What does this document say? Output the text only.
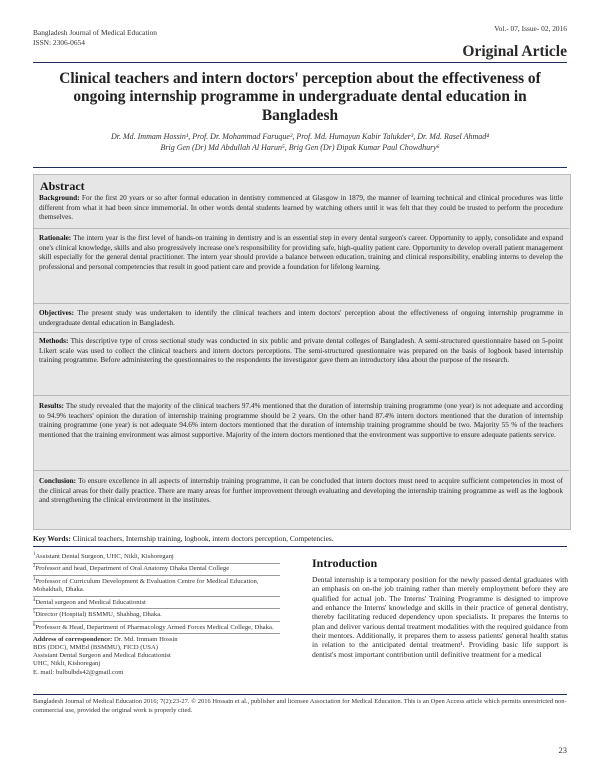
Bangladesh Journal of Medical Education
ISSN: 2306-0654
Vol.- 07, Issue- 02, 2016
Original Article
Clinical teachers and intern doctors' perception about the effectiveness of ongoing internship programme in undergraduate dental education in Bangladesh
Dr. Md. Immam Hossin¹, Prof. Dr. Mohammad Faruque², Prof. Md. Humayun Kabir Talukder³, Dr. Md. Rasel Ahmad⁴
Brig Gen (Dr) Md Abdullah Al Harun⁵, Brig Gen (Dr) Dipak Kumar Paul Chowdhury⁶
Abstract
Background: For the first 20 years or so after formal education in dentistry commenced at Glasgow in 1879, the manner of learning technical and clinical procedures was little different from what it had been since immemorial. In other words dental students learned by watching others until it was felt that they could be trusted to perform the procedure themselves.
Rationale: The intern year is the first level of hands-on training in dentistry and is an essential step in every dental surgeon's career. Opportunity to apply, consolidate and expand one's clinical knowledge, skills and also progressively increase one's responsibility for providing safe, high-quality patient care. Opportunity to develop overall patient management skill especially for the general dental practitioner. The intern year should provide a balance between education, training and clinical responsibility, enabling interns to develop the professional and personal competencies that result in good patient care and provide a foundation for lifelong learning.
Objectives: The present study was undertaken to identify the clinical teachers and intern doctors' perception about the effectiveness of ongoing internship programme in undergraduate dental education in Bangladesh.
Methods: This descriptive type of cross sectional study was conducted in six public and private dental colleges of Bangladesh. A semi-structured questionnaire based on 5-point Likert scale was used to collect the clinical teachers and intern doctors perceptions. The semi-structured questionnaire was prepared on the basis of logbook based internship training programme. Before administering the questionnaires to the respondents the investigator gave them an introductory idea about the purpose of the research.
Results: The study revealed that the majority of the clinical teachers 97.4% mentioned that the duration of internship training programme (one year) is not adequate and according to 94.9% teachers' opinion the duration of internship training programme should be 2 years. On the other hand 87.4% intern doctors mentioned that the duration of internship training programme (one year) is not adequate 94.6% intern doctors mentioned that the duration of internship training programme should be two. Majority 55 % of the teachers mentioned that the training environment was almost supportive. Majority of the intern doctors mentioned that the environment was supportive to ensure adequate patients service.
Conclusion: To ensure excellence in all aspects of internship training programme, it can be concluded that intern doctors must need to acquire sufficient competencies in most of the clinical areas for their daily practice. There are many areas for further improvement through evaluating and developing the internship training programme as well as the logbook and strengthening the clinical environment in the institutes.
Key Words: Clinical teachers, Internship training, logbook, intern doctors perception, Competencies.
$^1$Assistant Dental Surgeon, UHC, Nikli, Kishoreganj
$^2$Professor and head, Department of Oral Anatomy Dhaka Dental College
$^3$Professor of Curriculum Development & Evaluation Centre for Medical Education, Mohakhali, Dhaka.
$^4$Dental surgeon and Medical Educationist
$^5$Director (Hospital) BSMMU, Shahbag, Dhaka.
$^6$Professor & Head, Department of Pharmacology Armed Forces Medical College, Dhaka.
Address of correspondence: Dr. Md. Immam Hossin
BDS (DDC), MMEd (BSMMU), FICD (USA)
Assistant Dental Surgeon and Medical Educationist
UHC, Nikli, Kishoreganj
E. mail: bulbulbds42@gmail.com
Introduction
Dental internship is a temporary position for the newly passed dental graduates with an emphasis on on-the job training rather than merely employment before they are qualified for actual job. The Interns' Training Programme is designed to improve and enhance the Interns' knowledge and skills in their practice of general dentistry, thereby facilitating reduced dependency upon specialists. It prepares the Interns to plan and deliver various dental treatment modalities with the required guidance from their mentors. Additionally, it prepares them to assess patients' general health status in relation to the anticipated dental treatment¹. Providing basic life support is dentist's most important contribution until definitive treatment for a medical
Bangladesh Journal of Medical Education 2016; 7(2):23-27. © 2016 Hossain et al., publisher and licensee Association for Medical Education. This is an Open Access article which permits unrestricted non-commercial use, provided the original work is properly cited.
23
